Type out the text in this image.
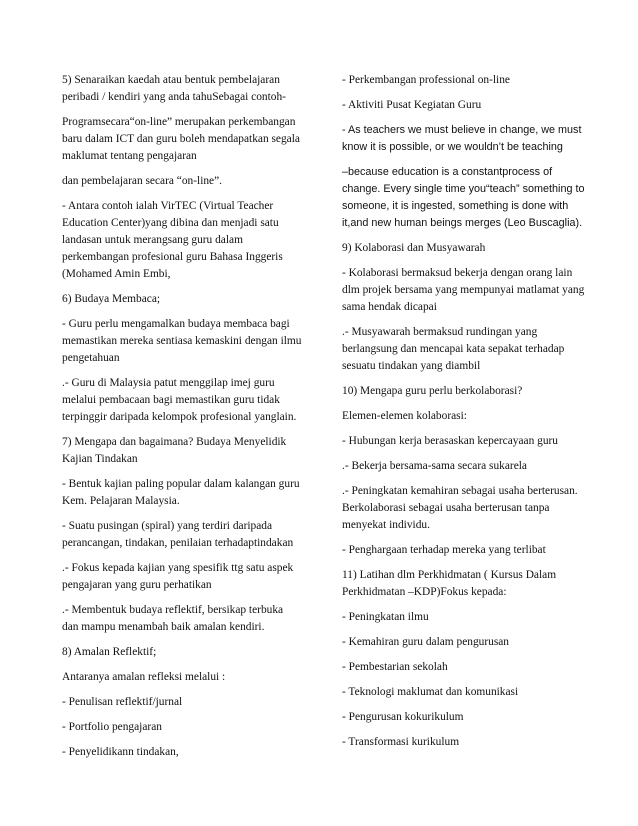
5) Senaraikan kaedah atau bentuk pembelajaran peribadi / kendiri yang anda tahuSebagai contoh-

Programsecara“on-line” merupakan perkembangan baru dalam ICT dan guru boleh mendapatkan segala maklumat tentang pengajaran

dan pembelajaran secara “on-line”.

- Antara contoh ialah VirTEC (Virtual Teacher Education Center)yang dibina dan menjadi satu landasan untuk merangsang guru dalam perkembangan profesional guru Bahasa Inggeris (Mohamed Amin Embi,

6) Budaya Membaca;

- Guru perlu mengamalkan budaya membaca bagi memastikan mereka sentiasa kemaskini dengan ilmu pengetahuan

.- Guru di Malaysia patut menggilap imej guru melalui pembacaan bagi memastikan guru tidak terpinggir daripada kelompok profesional yanglain.

7) Mengapa dan bagaimana? Budaya Menyelidik Kajian Tindakan

- Bentuk kajian paling popular dalam kalangan guru Kem. Pelajaran Malaysia.

- Suatu pusingan (spiral) yang terdiri daripada perancangan, tindakan, penilaian terhadaptindakan

.- Fokus kepada kajian yang spesifik ttg satu aspek pengajaran yang guru perhatikan

.- Membentuk budaya reflektif, bersikap terbuka dan mampu menambah baik amalan kendiri.

8) Amalan Reflektif;

Antaranya amalan refleksi melalui :

- Penulisan reflektif/jurnal

- Portfolio pengajaran

- Penyelidikann tindakan,

- Perkembangan professional on-line

- Aktiviti Pusat Kegiatan Guru

- As teachers we must believe in change, we must know it is possible, or we wouldn’t be teaching

–because education is a constantprocess of change. Every single time you“teach” something to someone, it is ingested, something is done with it,and new human beings merges (Leo Buscaglia).

9) Kolaborasi dan Musyawarah

- Kolaborasi bermaksud bekerja dengan orang lain dlm projek bersama yang mempunyai matlamat yang sama hendak dicapai

.- Musyawarah bermaksud rundingan yang berlangsung dan mencapai kata sepakat terhadap sesuatu tindakan yang diambil

10) Mengapa guru perlu berkolaborasi?

Elemen-elemen kolaborasi:

- Hubungan kerja berasaskan kepercayaan guru

.- Bekerja bersama-sama secara sukarela

.- Peningkatan kemahiran sebagai usaha berterusan. Berkolaborasi sebagai usaha berterusan tanpa menyekat individu.

- Penghargaan terhadap mereka yang terlibat

11) Latihan dlm Perkhidmatan ( Kursus Dalam Perkhidmatan –KDP)Fokus kepada:

- Peningkatan ilmu

- Kemahiran guru dalam pengurusan

- Pembestarian sekolah

- Teknologi maklumat dan komunikasi

- Pengurusan kokurikulum

- Transformasi kurikulum
